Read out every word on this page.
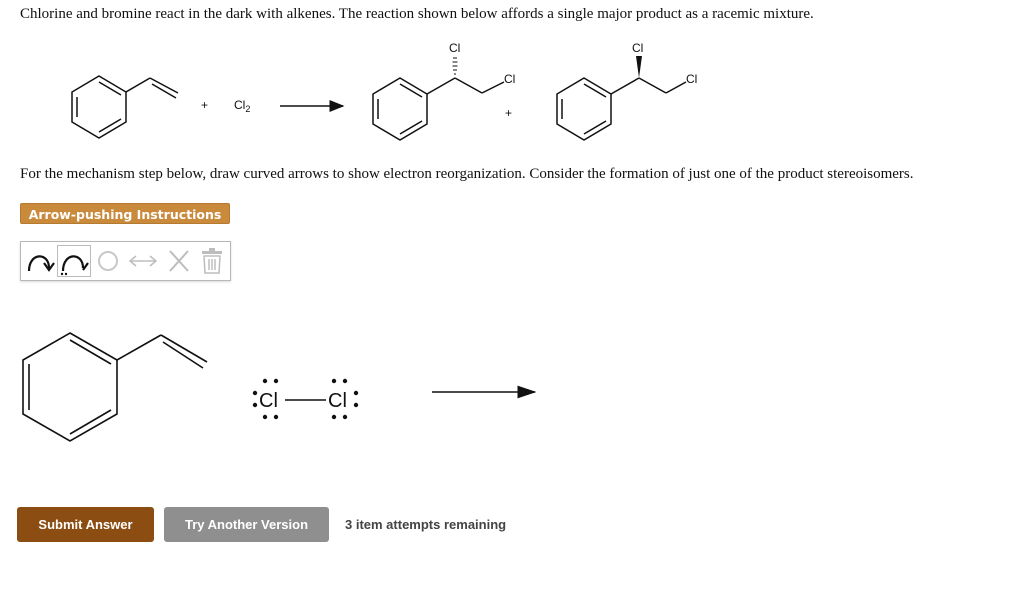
Chlorine and bromine react in the dark with alkenes. The reaction shown below affords a single major product as a racemic mixture.
+ $Cl_2$
Cl
Cl
+
Cl
Cl
For the mechanism step below, draw curved arrows to show electron reorganization. Consider the formation of just one of the product stereoisomers.
Arrow-pushing Instructions
Cl	Cl
Submit Answer	Try Another Version	3 item attempts remaining
